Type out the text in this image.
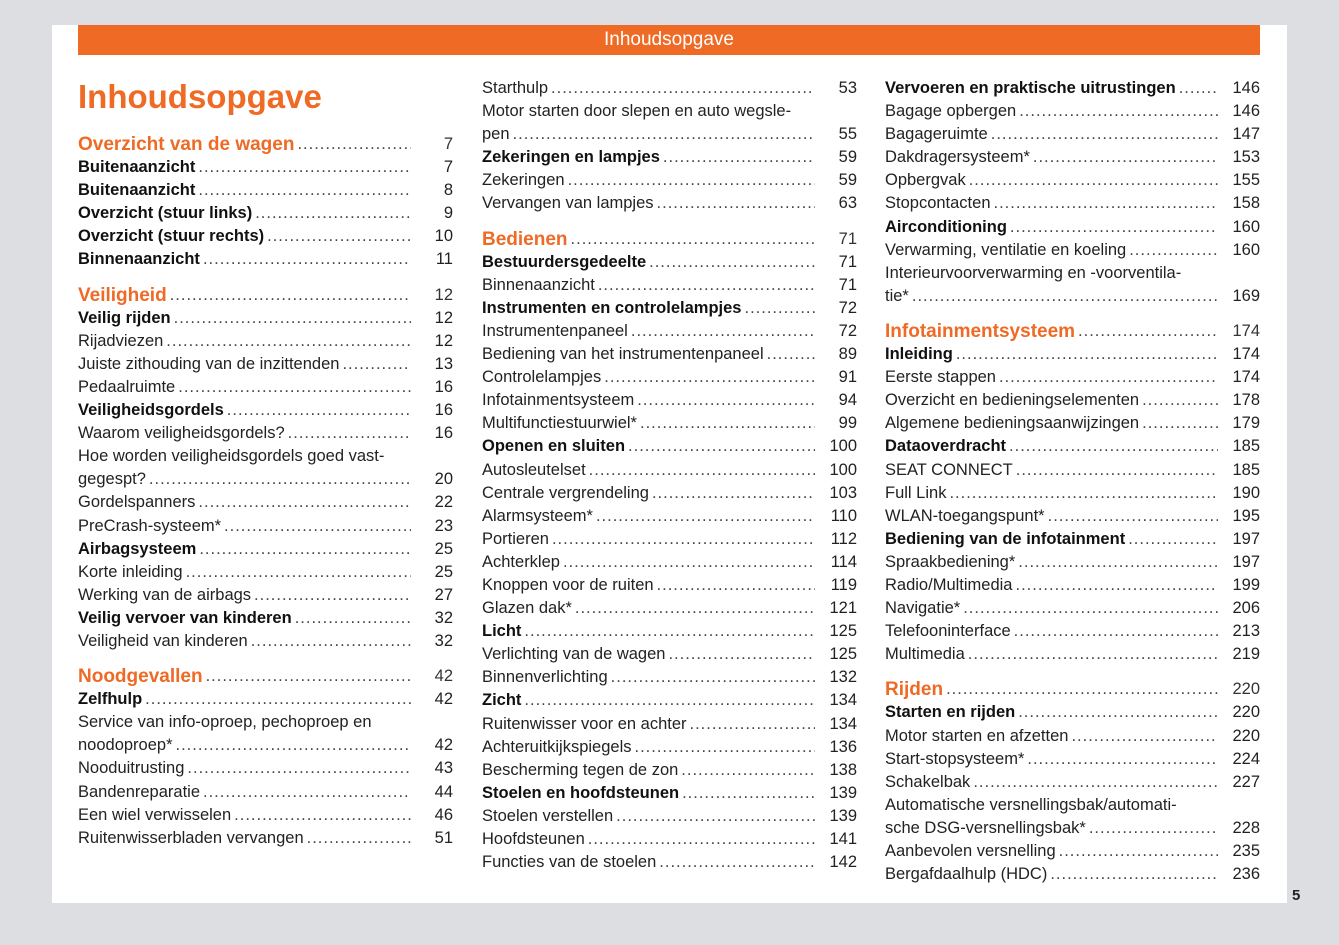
Inhoudsopgave
Inhoudsopgave
Overzicht van de wagen .....	7
Buitenaanzicht .....	7
Buitenaanzicht .....	8
Overzicht (stuur links) .....	9
Overzicht (stuur rechts) .....	10
Binnenaanzicht .....	11
Veiligheid .....	12
Veilig rijden .....	12
Rijadviezen .....	12
Juiste zithouding van de inzittenden .....	13
Pedaalruimte .....	16
Veiligheidsgordels .....	16
Waarom veiligheidsgordels? .....	16
Hoe worden veiligheidsgordels goed vast-
gegespt? .....	20
Gordelspanners .....	22
PreCrash-systeem* .....	23
Airbagsysteem .....	25
Korte inleiding .....	25
Werking van de airbags .....	27
Veilig vervoer van kinderen .....	32
Veiligheid van kinderen .....	32
Noodgevallen .....	42
Zelfhulp .....	42
Service van info-oproep, pechoproep en
noodoproep* .....	42
Nooduitrusting .....	43
Bandenreparatie .....	44
Een wiel verwisselen .....	46
Ruitenwisserbladen vervangen .....	51
Starthulp .....	53
Motor starten door slepen en auto wegsle-
pen .....	55
Zekeringen en lampjes .....	59
Zekeringen .....	59
Vervangen van lampjes .....	63
Bedienen .....	71
Bestuurdersgedeelte .....	71
Binnenaanzicht .....	71
Instrumenten en controlelampjes .....	72
Instrumentenpaneel .....	72
Bediening van het instrumentenpaneel .....	89
Controlelampjes .....	91
Infotainmentsysteem .....	94
Multifunctiestuurwiel* .....	99
Openen en sluiten .....	100
Autosleutelset .....	100
Centrale vergrendeling .....	103
Alarmsysteem* .....	110
Portieren .....	112
Achterklep .....	114
Knoppen voor de ruiten .....	119
Glazen dak* .....	121
Licht .....	125
Verlichting van de wagen .....	125
Binnenverlichting .....	132
Zicht .....	134
Ruitenwisser voor en achter .....	134
Achteruitkijkspiegels .....	136
Bescherming tegen de zon .....	138
Stoelen en hoofdsteunen .....	139
Stoelen verstellen .....	139
Hoofdsteunen .....	141
Functies van de stoelen .....	142
Vervoeren en praktische uitrustingen .....	146
Bagage opbergen .....	146
Bagageruimte .....	147
Dakdragersysteem* .....	153
Opbergvak .....	155
Stopcontacten .....	158
Airconditioning .....	160
Verwarming, ventilatie en koeling .....	160
Interieurvoorverwarming en -voorventila-
tie* .....	169
Infotainmentsysteem .....	174
Inleiding .....	174
Eerste stappen .....	174
Overzicht en bedieningselementen .....	178
Algemene bedieningsaanwijzingen .....	179
Dataoverdracht .....	185
SEAT CONNECT .....	185
Full Link .....	190
WLAN-toegangspunt* .....	195
Bediening van de infotainment .....	197
Spraakbediening* .....	197
Radio/Multimedia .....	199
Navigatie* .....	206
Telefooninterface .....	213
Multimedia .....	219
Rijden .....	220
Starten en rijden .....	220
Motor starten en afzetten .....	220
Start-stopsysteem* .....	224
Schakelbak .....	227
Automatische versnellingsbak/automati-
sche DSG-versnellingsbak* .....	228
Aanbevolen versnelling .....	235
Bergafdaalhulp (HDC) .....	236
5
